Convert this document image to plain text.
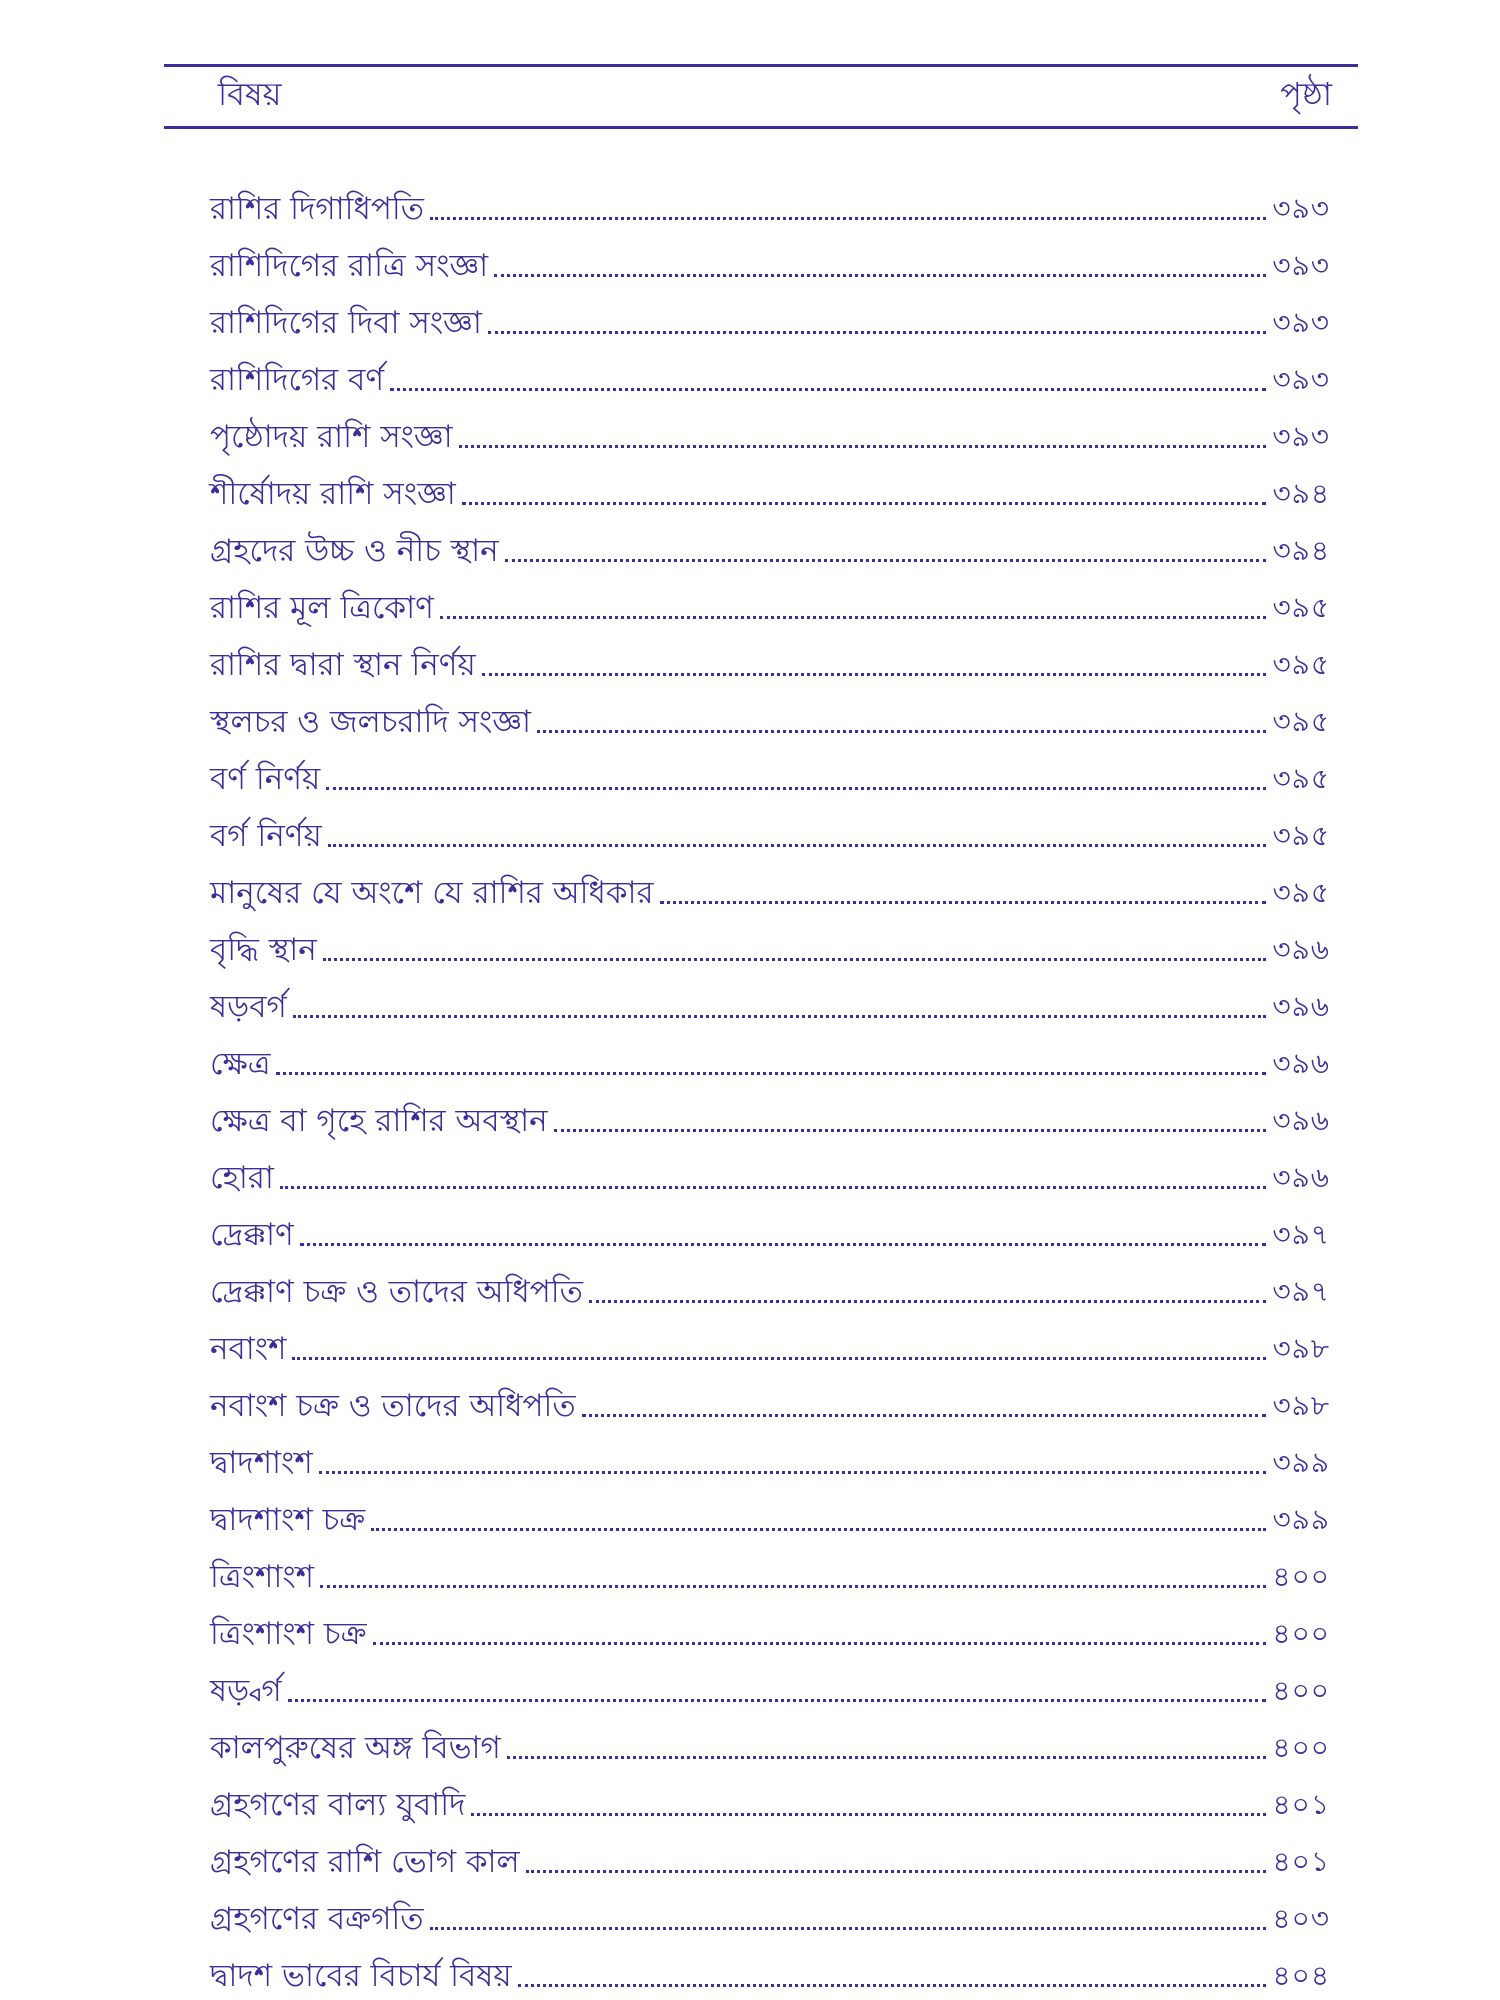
বিষয়	পৃষ্ঠা
রাশির দিগাধিপতি	৩৯৩
রাশিদিগের রাত্রি সংজ্ঞা	৩৯৩
রাশিদিগের দিবা সংজ্ঞা	৩৯৩
রাশিদিগের বর্ণ	৩৯৩
পৃষ্ঠোদয় রাশি সংজ্ঞা	৩৯৩
শীর্ষোদয় রাশি সংজ্ঞা	৩৯৪
গ্রহদের উচ্চ ও নীচ স্থান	৩৯৪
রাশির মূল ত্রিকোণ	৩৯৫
রাশির দ্বারা স্থান নির্ণয়	৩৯৫
স্থলচর ও জলচরাদি সংজ্ঞা	৩৯৫
বর্ণ নির্ণয়	৩৯৫
বর্গ নির্ণয়	৩৯৫
মানুষের যে অংশে যে রাশির অধিকার	৩৯৫
বৃদ্ধি স্থান	৩৯৬
ষড়বর্গ	৩৯৬
ক্ষেত্র	৩৯৬
ক্ষেত্র বা গৃহে রাশির অবস্থান	৩৯৬
হোরা	৩৯৬
দ্রেক্কাণ	৩৯৭
দ্রেক্কাণ চক্র ও তাদের অধিপতি	৩৯৭
নবাংশ	৩৯৮
নবাংশ চক্র ও তাদের অধিপতি	৩৯৮
দ্বাদশাংশ	৩৯৯
দ্বাদশাংশ চক্র	৩৯৯
ত্রিংশাংশ	৪০০
ত্রিংশাংশ চক্র	৪০০
ষড়্বর্গ	৪০০
কালপুরুষের অঙ্গ বিভাগ	৪০০
গ্রহগণের বাল্য যুবাদি	৪০১
গ্রহগণের রাশি ভোগ কাল	৪০১
গ্রহগণের বক্রগতি	৪০৩
দ্বাদশ ভাবের বিচার্য বিষয়	৪০৪
